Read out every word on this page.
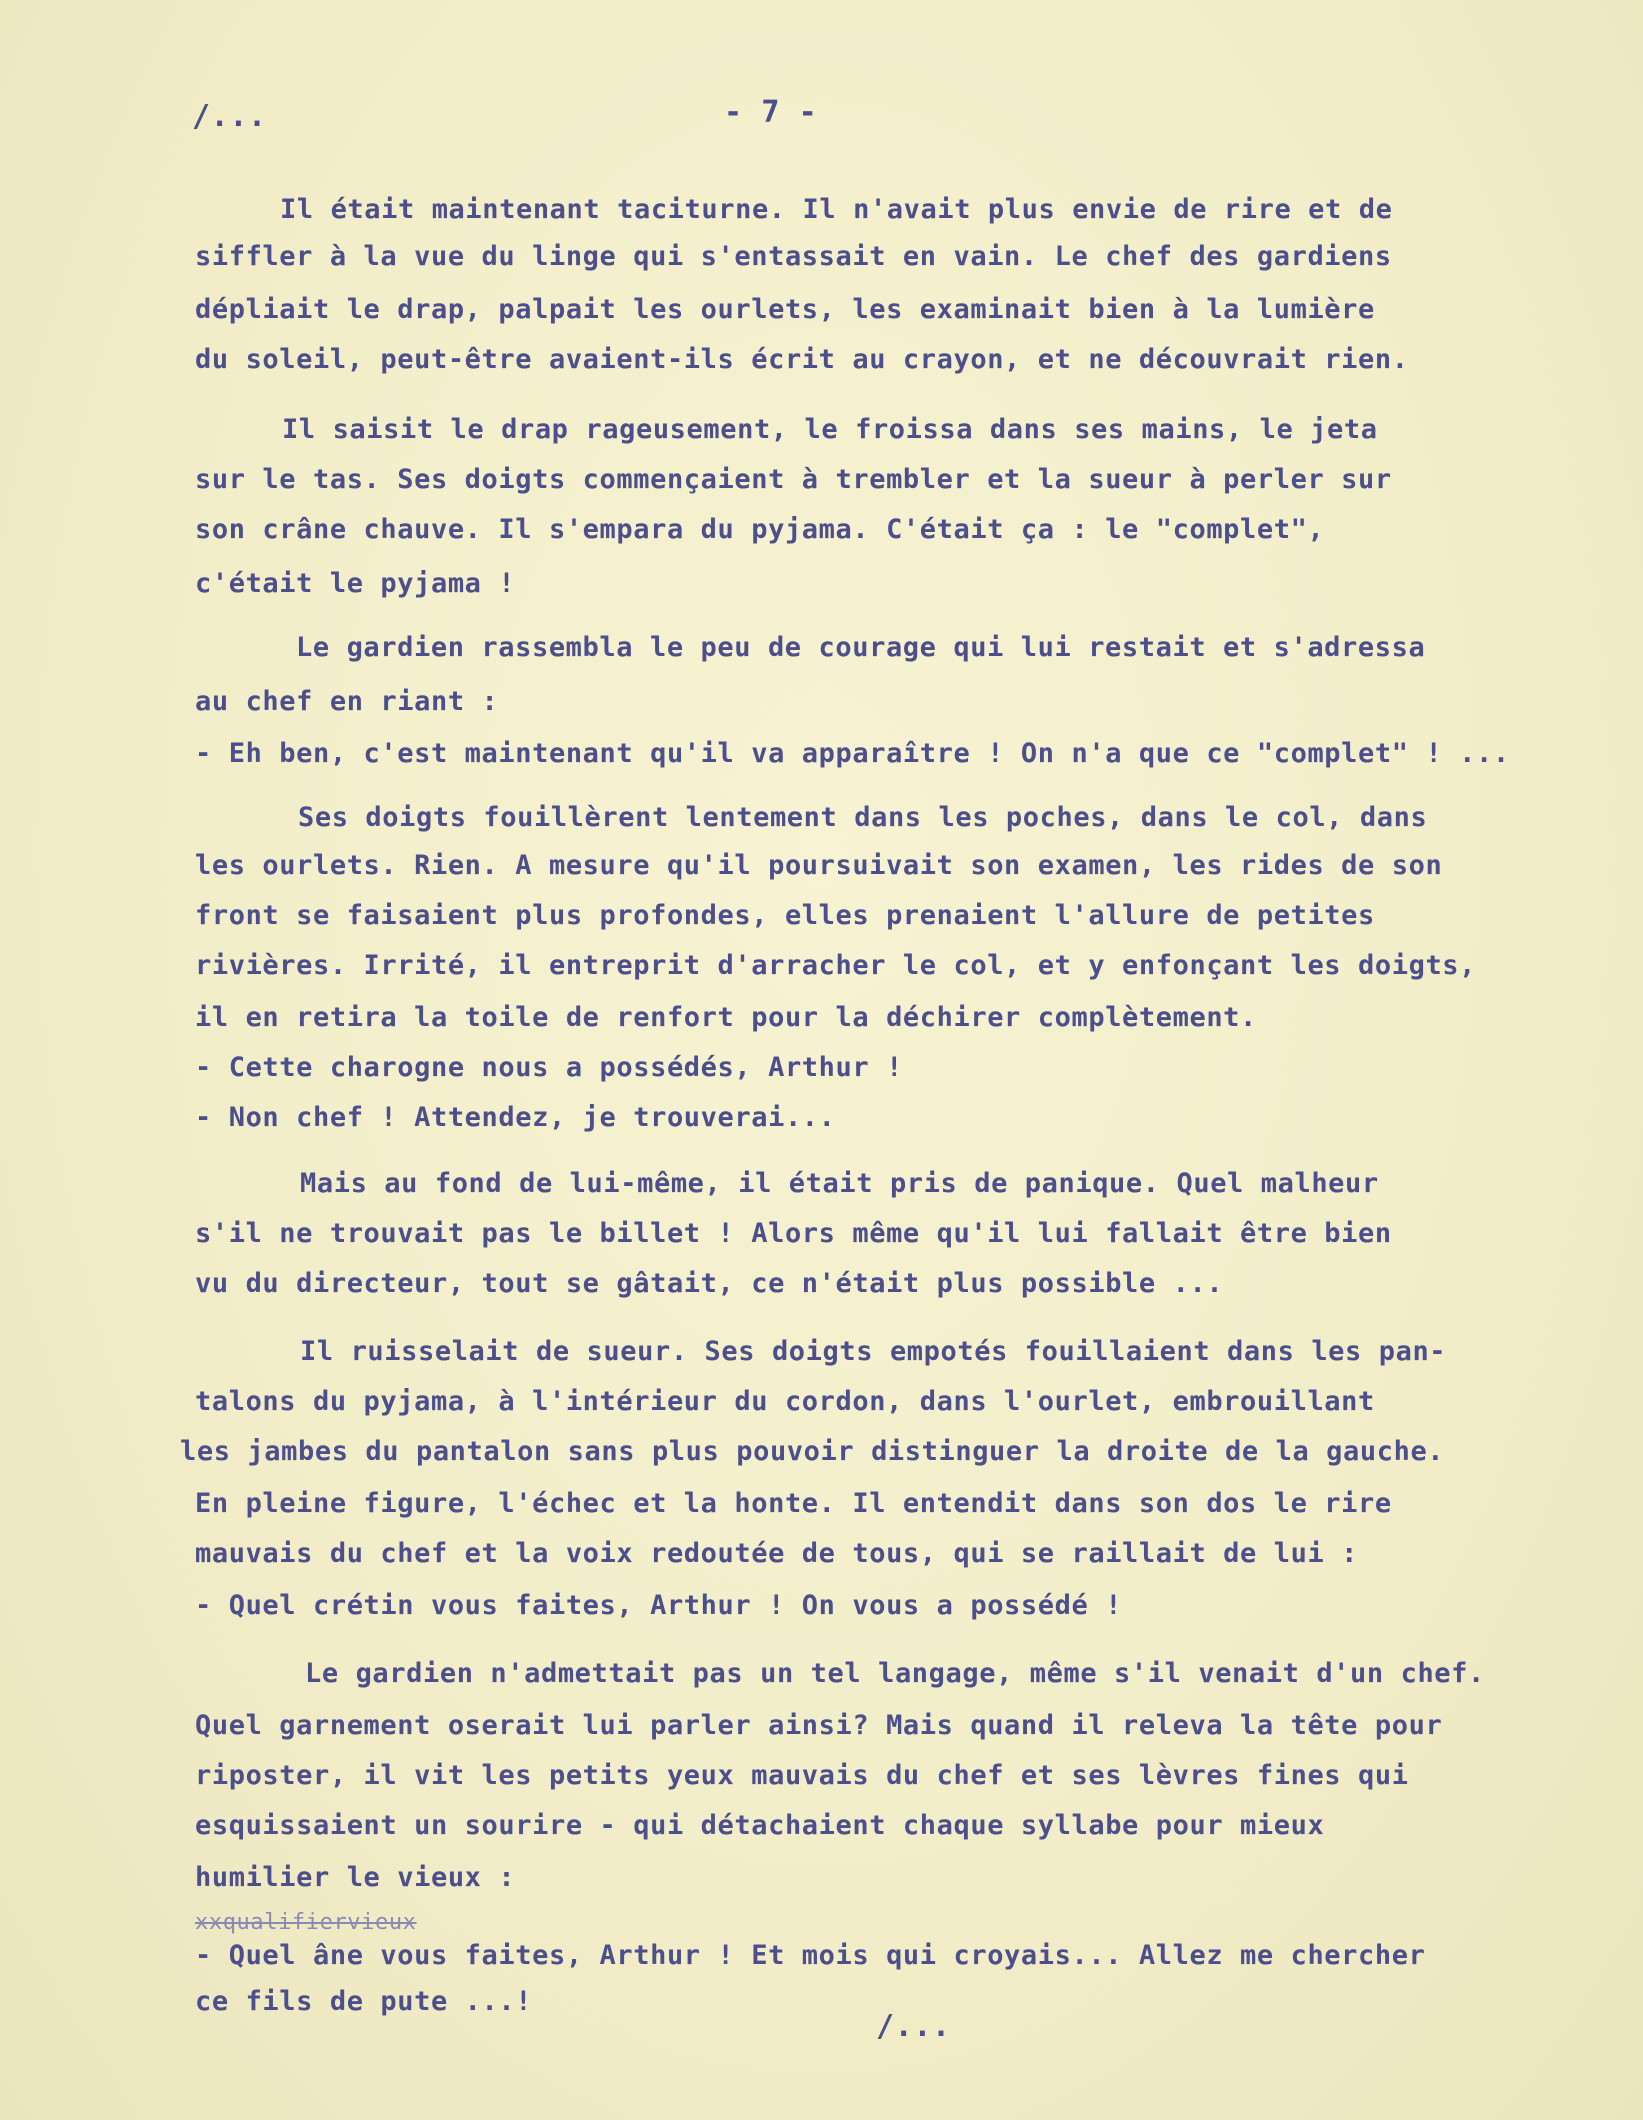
/...	- 7 -
Il était maintenant taciturne. Il n'avait plus envie de rire et de
siffler à la vue du linge qui s'entassait en vain. Le chef des gardiens
dépliait le drap, palpait les ourlets, les examinait bien à la lumière
du soleil, peut-être avaient-ils écrit au crayon, et ne découvrait rien.
Il saisit le drap rageusement, le froissa dans ses mains, le jeta
sur le tas. Ses doigts commençaient à trembler et la sueur à perler sur
son crâne chauve. Il s'empara du pyjama. C'était ça : le "complet",
c'était le pyjama !
Le gardien rassembla le peu de courage qui lui restait et s'adressa
au chef en riant :
- Eh ben, c'est maintenant qu'il va apparaître ! On n'a que ce "complet" ! ...
Ses doigts fouillèrent lentement dans les poches, dans le col, dans
les ourlets. Rien. A mesure qu'il poursuivait son examen, les rides de son
front se faisaient plus profondes, elles prenaient l'allure de petites
rivières. Irrité, il entreprit d'arracher le col, et y enfonçant les doigts,
il en retira la toile de renfort pour la déchirer complètement.
- Cette charogne nous a possédés, Arthur !
- Non chef ! Attendez, je trouverai...
Mais au fond de lui-même, il était pris de panique. Quel malheur
s'il ne trouvait pas le billet ! Alors même qu'il lui fallait être bien
vu du directeur, tout se gâtait, ce n'était plus possible ...
Il ruisselait de sueur. Ses doigts empotés fouillaient dans les pan-
talons du pyjama, à l'intérieur du cordon, dans l'ourlet, embrouillant
les jambes du pantalon sans plus pouvoir distinguer la droite de la gauche.
En pleine figure, l'échec et la honte. Il entendit dans son dos le rire
mauvais du chef et la voix redoutée de tous, qui se raillait de lui :
- Quel crétin vous faites, Arthur ! On vous a possédé !
Le gardien n'admettait pas un tel langage, même s'il venait d'un chef.
Quel garnement oserait lui parler ainsi? Mais quand il releva la tête pour
riposter, il vit les petits yeux mauvais du chef et ses lèvres fines qui
esquissaient un sourire - qui détachaient chaque syllabe pour mieux
humilier le vieux :
xxqualifiervieux
- Quel âne vous faites, Arthur ! Et mois qui croyais... Allez me chercher
ce fils de pute ...!
/...
